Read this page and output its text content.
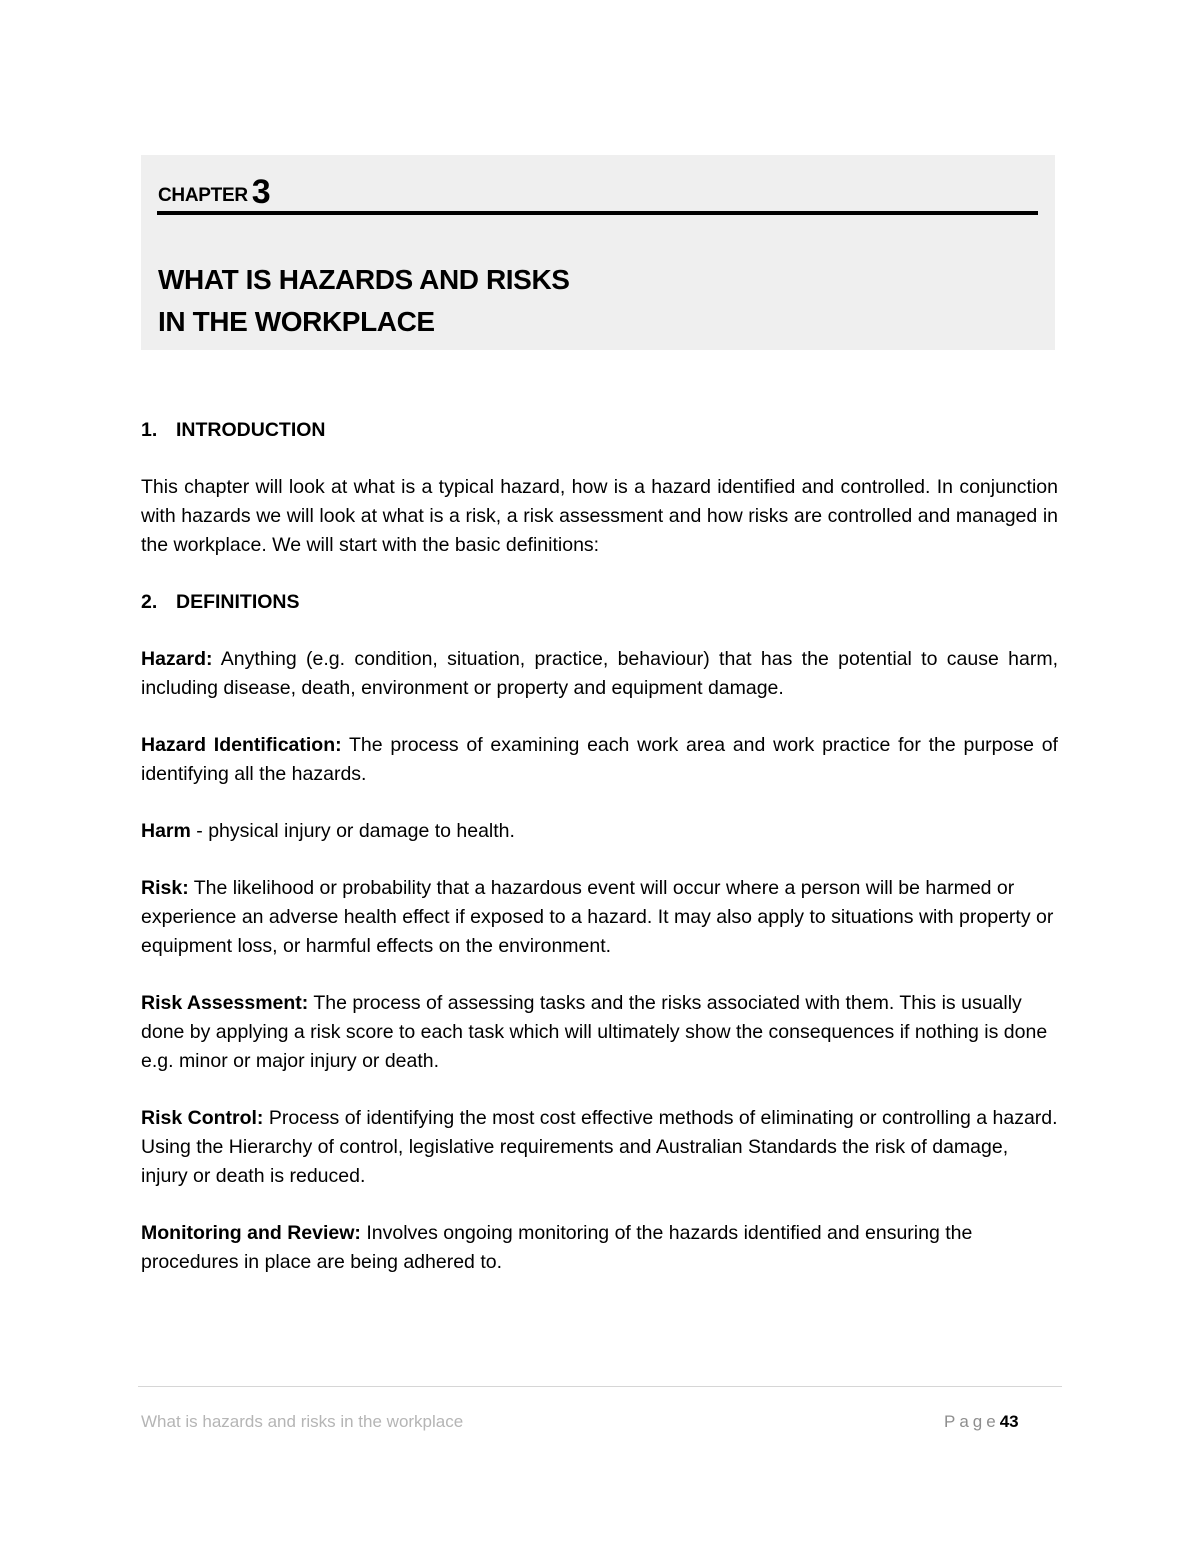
CHAPTER 3
WHAT IS HAZARDS AND RISKS
IN THE WORKPLACE
1. INTRODUCTION

This chapter will look at what is a typical hazard, how is a hazard identified and controlled. In conjunction with hazards we will look at what is a risk, a risk assessment and how risks are controlled and managed in the workplace. We will start with the basic definitions:

2. DEFINITIONS

Hazard: Anything (e.g. condition, situation, practice, behaviour) that has the potential to cause harm, including disease, death, environment or property and equipment damage.

Hazard Identification: The process of examining each work area and work practice for the purpose of identifying all the hazards.

Harm - physical injury or damage to health.

Risk: The likelihood or probability that a hazardous event will occur where a person will be harmed or experience an adverse health effect if exposed to a hazard. It may also apply to situations with property or equipment loss, or harmful effects on the environment.

Risk Assessment: The process of assessing tasks and the risks associated with them. This is usually done by applying a risk score to each task which will ultimately show the consequences if nothing is done e.g. minor or major injury or death.

Risk Control: Process of identifying the most cost effective methods of eliminating or controlling a hazard. Using the Hierarchy of control, legislative requirements and Australian Standards the risk of damage, injury or death is reduced.

Monitoring and Review: Involves ongoing monitoring of the hazards identified and ensuring the procedures in place are being adhered to.

What is hazards and risks in the workplace	Page43
